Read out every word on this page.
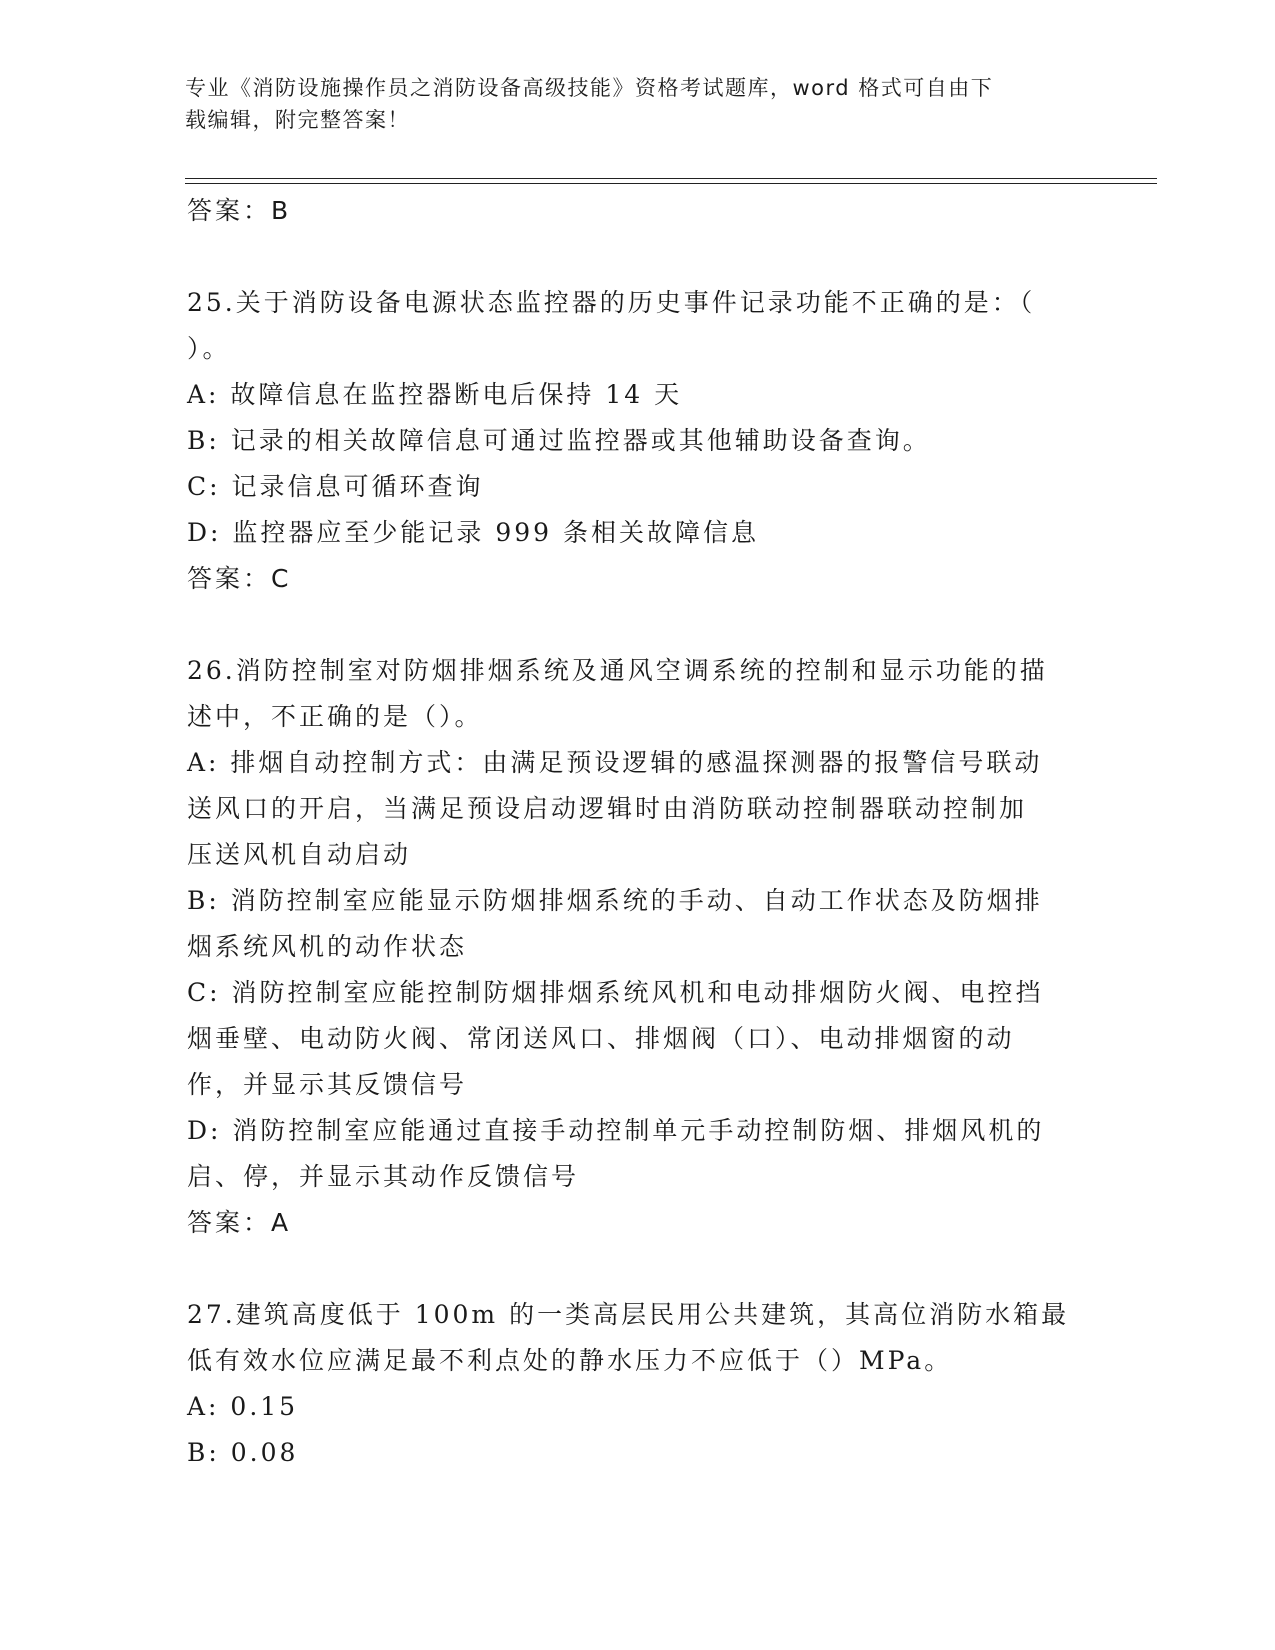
专业《消防设施操作员之消防设备高级技能》资格考试题库，word 格式可自由下
载编辑，附完整答案！
答案：B
25.关于消防设备电源状态监控器的历史事件记录功能不正确的是：（
）。
A: 故障信息在监控器断电后保持 14 天
B: 记录的相关故障信息可通过监控器或其他辅助设备查询。
C: 记录信息可循环查询
D: 监控器应至少能记录 999 条相关故障信息
答案：C
26.消防控制室对防烟排烟系统及通风空调系统的控制和显示功能的描
述中，不正确的是（）。
A: 排烟自动控制方式：由满足预设逻辑的感温探测器的报警信号联动
送风口的开启，当满足预设启动逻辑时由消防联动控制器联动控制加
压送风机自动启动
B: 消防控制室应能显示防烟排烟系统的手动、自动工作状态及防烟排
烟系统风机的动作状态
C: 消防控制室应能控制防烟排烟系统风机和电动排烟防火阀、电控挡
烟垂壁、电动防火阀、常闭送风口、排烟阀（口）、电动排烟窗的动
作，并显示其反馈信号
D: 消防控制室应能通过直接手动控制单元手动控制防烟、排烟风机的
启、停，并显示其动作反馈信号
答案：A
27.建筑高度低于 100m 的一类高层民用公共建筑，其高位消防水箱最
低有效水位应满足最不利点处的静水压力不应低于（）MPa。
A: 0.15
B: 0.08
